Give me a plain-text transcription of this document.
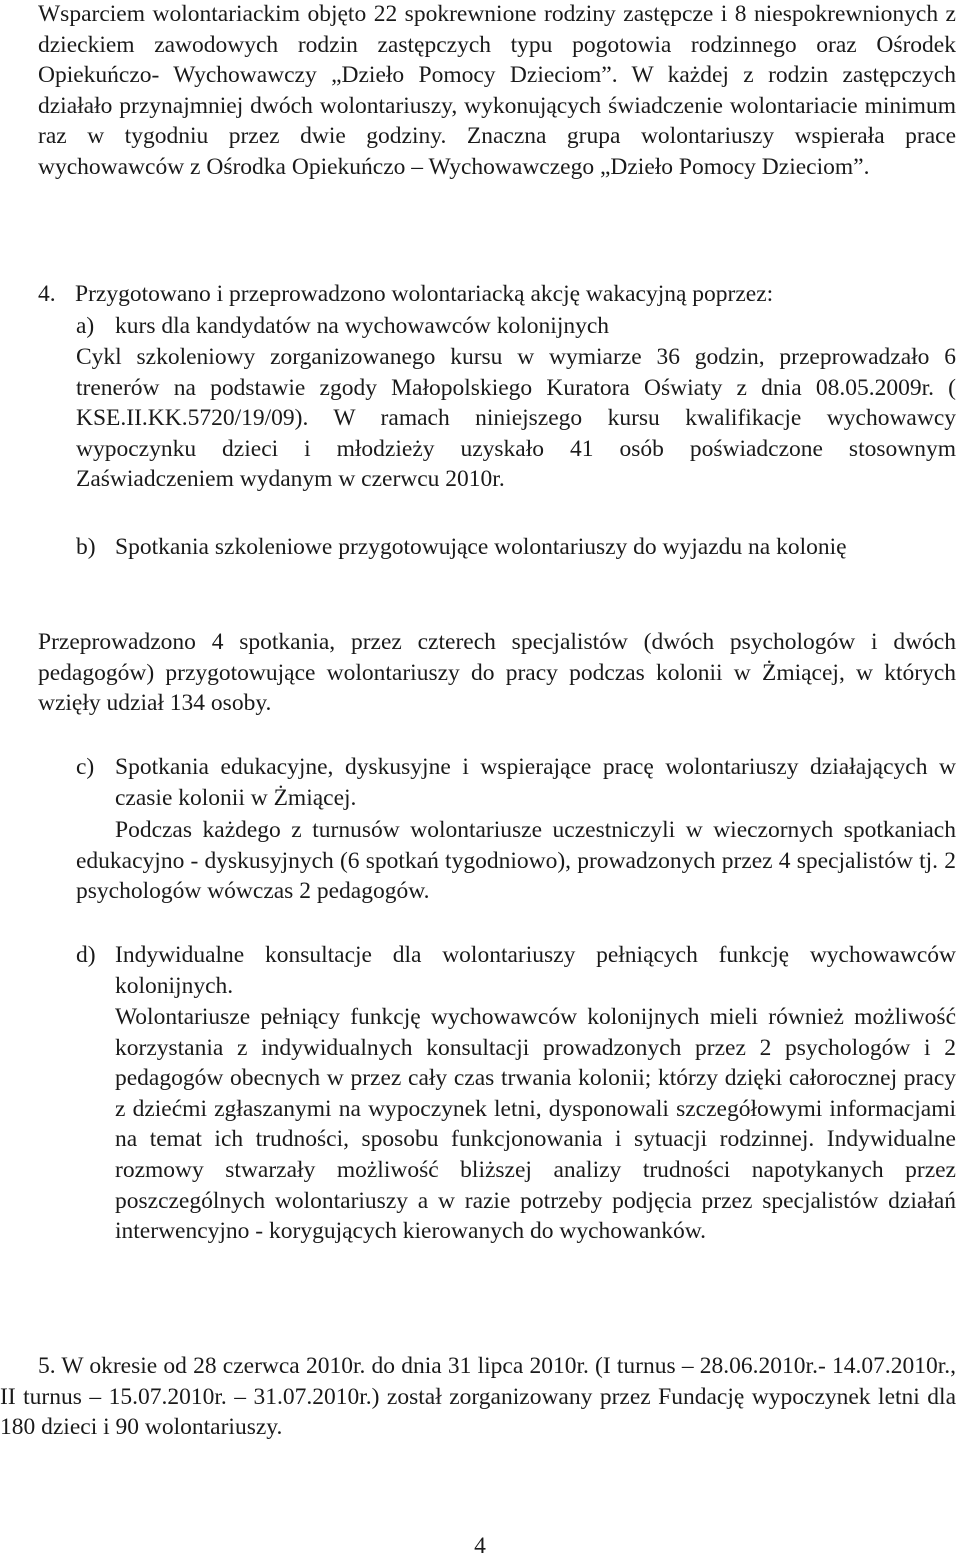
Wsparciem wolontariackim objęto 22 spokrewnione rodziny zastępcze i 8 niespokrewnionych z dzieckiem zawodowych rodzin zastępczych typu pogotowia rodzinnego oraz Ośrodek Opiekuńczo- Wychowawczy „Dzieło Pomocy Dzieciom”. W każdej z rodzin zastępczych działało przynajmniej dwóch wolontariuszy, wykonujących świadczenie wolontariacie minimum raz w tygodniu przez dwie godziny. Znaczna grupa wolontariuszy wspierała prace wychowawców z Ośrodka Opiekuńczo – Wychowawczego „Dzieło Pomocy Dzieciom”.

4. Przygotowano i przeprowadzono wolontariacką akcję wakacyjną poprzez:

a) kurs dla kandydatów na wychowawców kolonijnych

Cykl szkoleniowy zorganizowanego kursu w wymiarze 36 godzin, przeprowadzało 6 trenerów na podstawie zgody Małopolskiego Kuratora Oświaty z dnia 08.05.2009r. ( KSE.II.KK.5720/19/09). W ramach niniejszego kursu kwalifikacje wychowawcy wypoczynku dzieci i młodzieży uzyskało 41 osób poświadczone stosownym Zaświadczeniem wydanym w czerwcu 2010r.

b) Spotkania szkoleniowe przygotowujące wolontariuszy do wyjazdu na kolonię

Przeprowadzono 4 spotkania, przez czterech specjalistów (dwóch psychologów i dwóch pedagogów) przygotowujące wolontariuszy do pracy podczas kolonii w Żmiącej, w których wzięły udział 134 osoby.

c) Spotkania edukacyjne, dyskusyjne i wspierające pracę wolontariuszy działających w czasie kolonii w Żmiącej.

Podczas każdego z turnusów wolontariusze uczestniczyli w wieczornych spotkaniach edukacyjno - dyskusyjnych (6 spotkań tygodniowo), prowadzonych przez 4 specjalistów tj. 2 psychologów wówczas 2 pedagogów.

d) Indywidualne konsultacje dla wolontariuszy pełniących funkcję wychowawców kolonijnych.

Wolontariusze pełniący funkcję wychowawców kolonijnych mieli również możliwość korzystania z indywidualnych konsultacji prowadzonych przez 2 psychologów i 2 pedagogów obecnych w przez cały czas trwania kolonii; którzy dzięki całorocznej pracy z dziećmi zgłaszanymi na wypoczynek letni, dysponowali szczegółowymi informacjami na temat ich trudności, sposobu funkcjonowania i sytuacji rodzinnej. Indywidualne rozmowy stwarzały możliwość bliższej analizy trudności napotykanych przez poszczególnych wolontariuszy a w razie potrzeby podjęcia przez specjalistów działań interwencyjno - korygujących kierowanych do wychowanków.

5. W okresie od 28 czerwca 2010r. do dnia 31 lipca 2010r. (I turnus – 28.06.2010r.- 14.07.2010r., II turnus – 15.07.2010r. – 31.07.2010r.) został zorganizowany przez Fundację wypoczynek letni dla 180 dzieci i 90 wolontariuszy.

4
